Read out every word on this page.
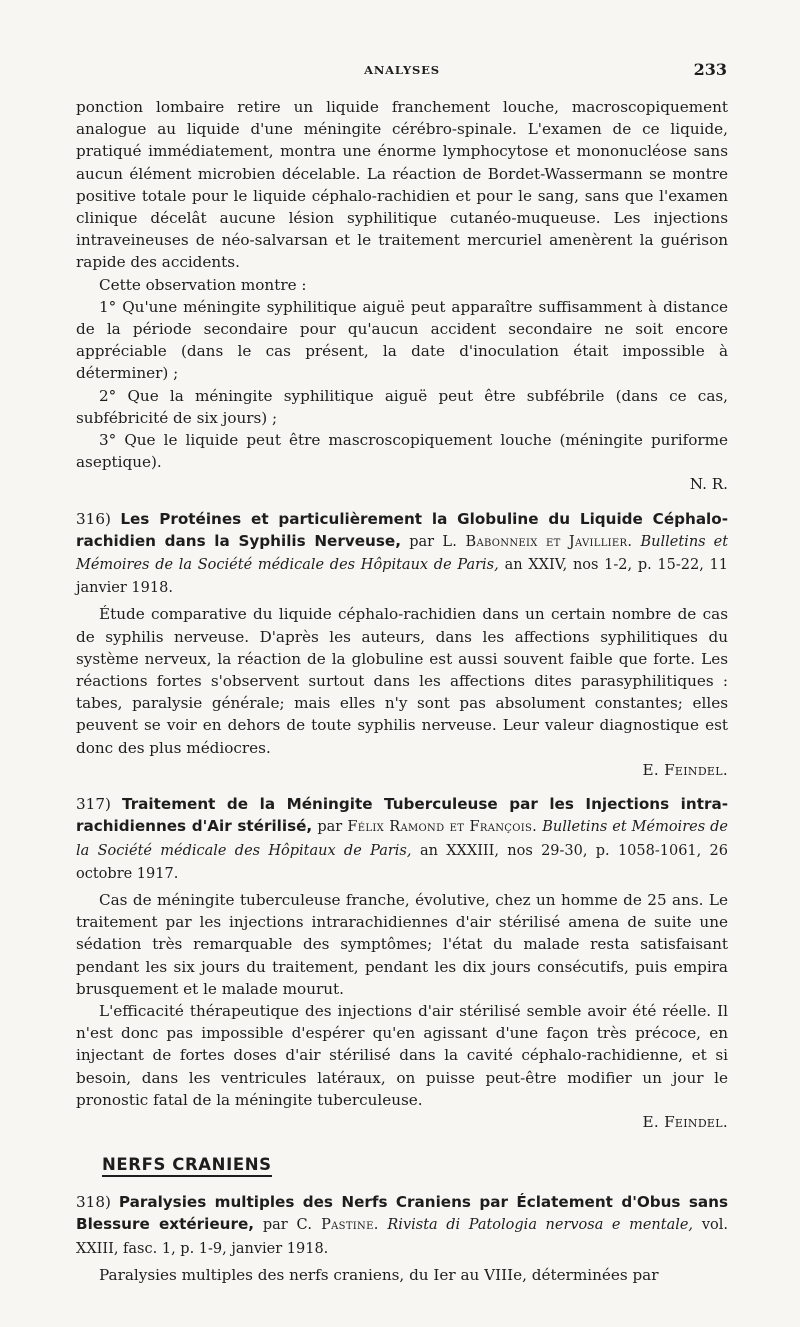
ANALYSES	233

ponction lombaire retire un liquide franchement louche, macroscopiquement analogue au liquide d'une méningite cérébro-spinale. L'examen de ce liquide, pratiqué immédiatement, montra une énorme lymphocytose et mononucléose sans aucun élément microbien décelable. La réaction de Bordet-Wassermann se montre positive totale pour le liquide céphalo-rachidien et pour le sang, sans que l'examen clinique décelât aucune lésion syphilitique cutanéo-muqueuse. Les injections intraveineuses de néo-salvarsan et le traitement mercuriel amenèrent la guérison rapide des accidents.

Cette observation montre :

1° Qu'une méningite syphilitique aiguë peut apparaître suffisamment à distance de la période secondaire pour qu'aucun accident secondaire ne soit encore appréciable (dans le cas présent, la date d'inoculation était impossible à déterminer) ;

2° Que la méningite syphilitique aiguë peut être subfébrile (dans ce cas, subfébricité de six jours) ;

3° Que le liquide peut être mascroscopiquement louche (méningite puriforme aseptique).

N. R.

316) Les Protéines et particulièrement la Globuline du Liquide Céphalo-rachidien dans la Syphilis Nerveuse, par L. Babonneix et Javillier. Bulletins et Mémoires de la Société médicale des Hôpitaux de Paris, an XXIV, nos 1-2, p. 15-22, 11 janvier 1918.

Étude comparative du liquide céphalo-rachidien dans un certain nombre de cas de syphilis nerveuse. D'après les auteurs, dans les affections syphilitiques du système nerveux, la réaction de la globuline est aussi souvent faible que forte. Les réactions fortes s'observent surtout dans les affections dites parasyphilitiques : tabes, paralysie générale; mais elles n'y sont pas absolument constantes; elles peuvent se voir en dehors de toute syphilis nerveuse. Leur valeur diagnostique est donc des plus médiocres.

E. Feindel.

317) Traitement de la Méningite Tuberculeuse par les Injections intra-rachidiennes d'Air stérilisé, par Félix Ramond et François. Bulletins et Mémoires de la Société médicale des Hôpitaux de Paris, an XXXIII, nos 29-30, p. 1058-1061, 26 octobre 1917.

Cas de méningite tuberculeuse franche, évolutive, chez un homme de 25 ans. Le traitement par les injections intrarachidiennes d'air stérilisé amena de suite une sédation très remarquable des symptômes; l'état du malade resta satisfaisant pendant les six jours du traitement, pendant les dix jours consécutifs, puis empira brusquement et le malade mourut.

L'efficacité thérapeutique des injections d'air stérilisé semble avoir été réelle. Il n'est donc pas impossible d'espérer qu'en agissant d'une façon très précoce, en injectant de fortes doses d'air stérilisé dans la cavité céphalo-rachidienne, et si besoin, dans les ventricules latéraux, on puisse peut-être modifier un jour le pronostic fatal de la méningite tuberculeuse.

E. Feindel.

NERFS CRANIENS
318) Paralysies multiples des Nerfs Craniens par Éclatement d'Obus sans Blessure extérieure, par C. Pastine. Rivista di Patologia nervosa e mentale, vol. XXIII, fasc. 1, p. 1-9, janvier 1918.

Paralysies multiples des nerfs craniens, du Ier au VIIIe, déterminées par
